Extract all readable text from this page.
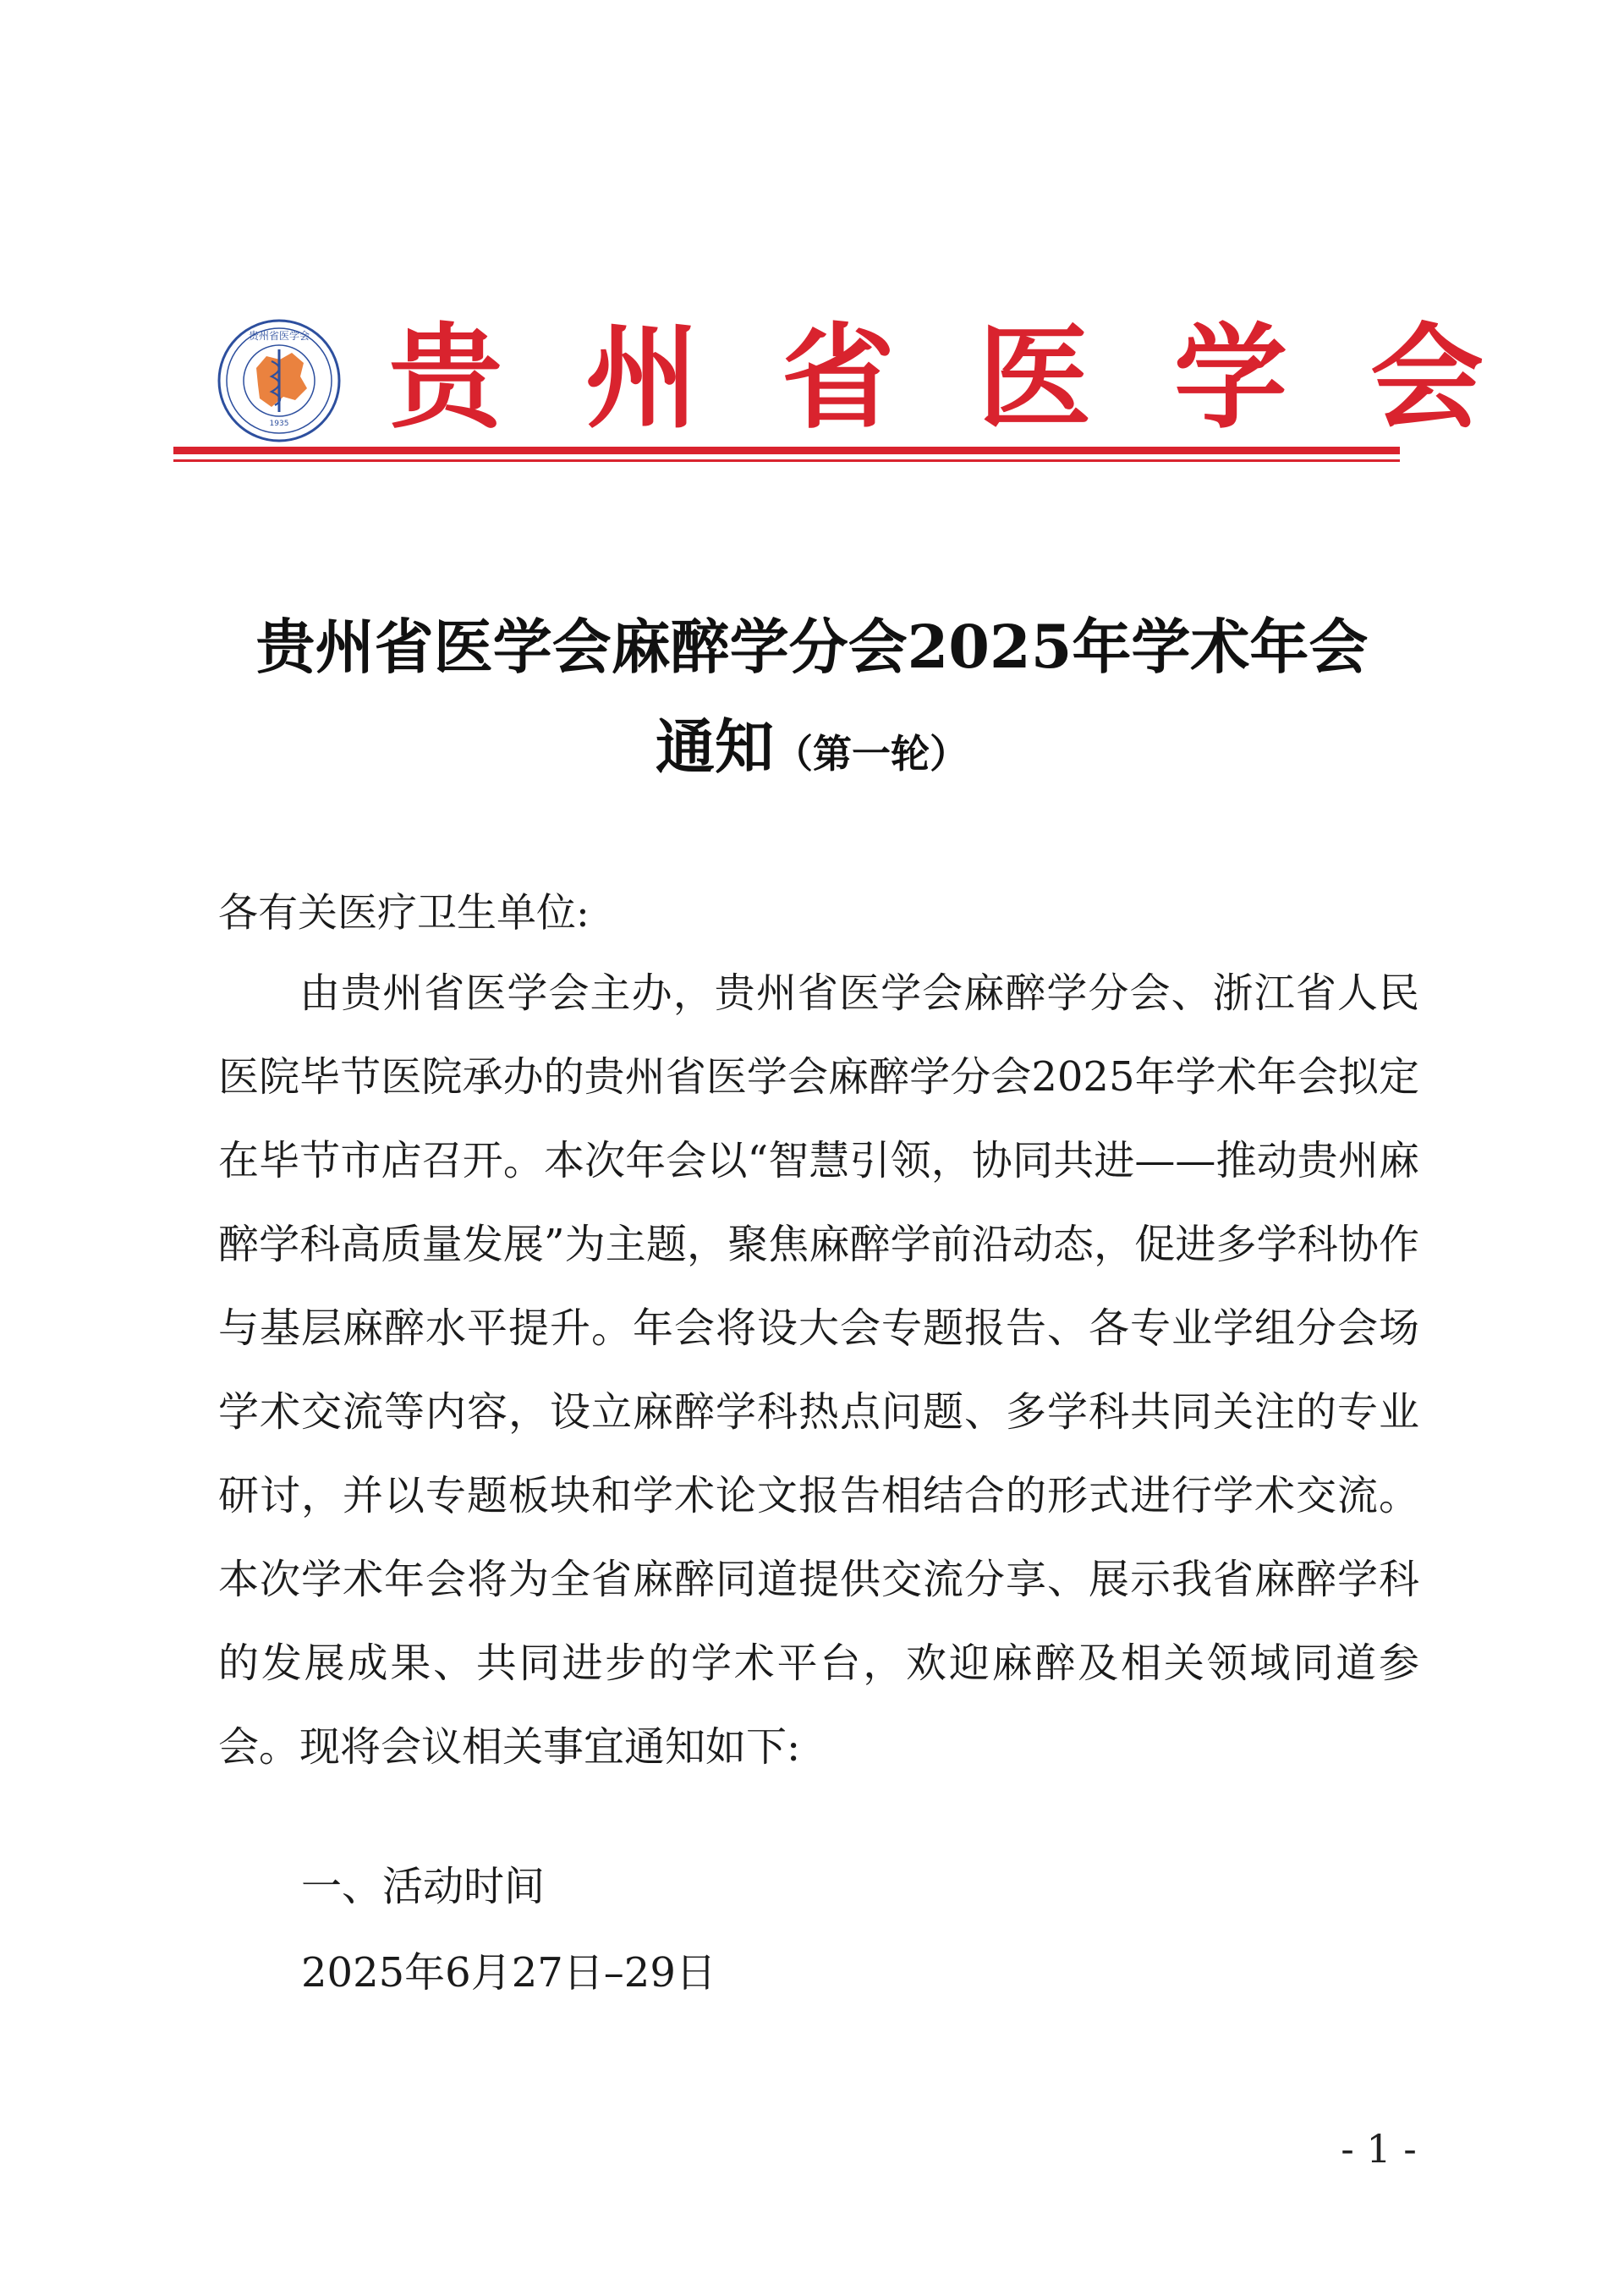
贵州省医学会
1935 贵州省医学会
贵州省医学会麻醉学分会2025年学术年会
通知（第一轮）
各有关医疗卫生单位:
由贵州省医学会主办，贵州省医学会麻醉学分会、浙江省人民医院毕节医院承办的贵州省医学会麻醉学分会2025年学术年会拟定在毕节市店召开。本次年会以“智慧引领，协同共进——推动贵州麻醉学科高质量发展”为主题，聚焦麻醉学前沿动态，促进多学科协作与基层麻醉水平提升。年会将设大会专题报告、各专业学组分会场学术交流等内容，设立麻醉学科热点问题、多学科共同关注的专业研讨，并以专题板块和学术论文报告相结合的形式进行学术交流。本次学术年会将为全省麻醉同道提供交流分享、展示我省麻醉学科的发展成果、共同进步的学术平台，欢迎麻醉及相关领域同道参会。现将会议相关事宜通知如下:
一、活动时间
2025年6月27日–29日
- 1 -
